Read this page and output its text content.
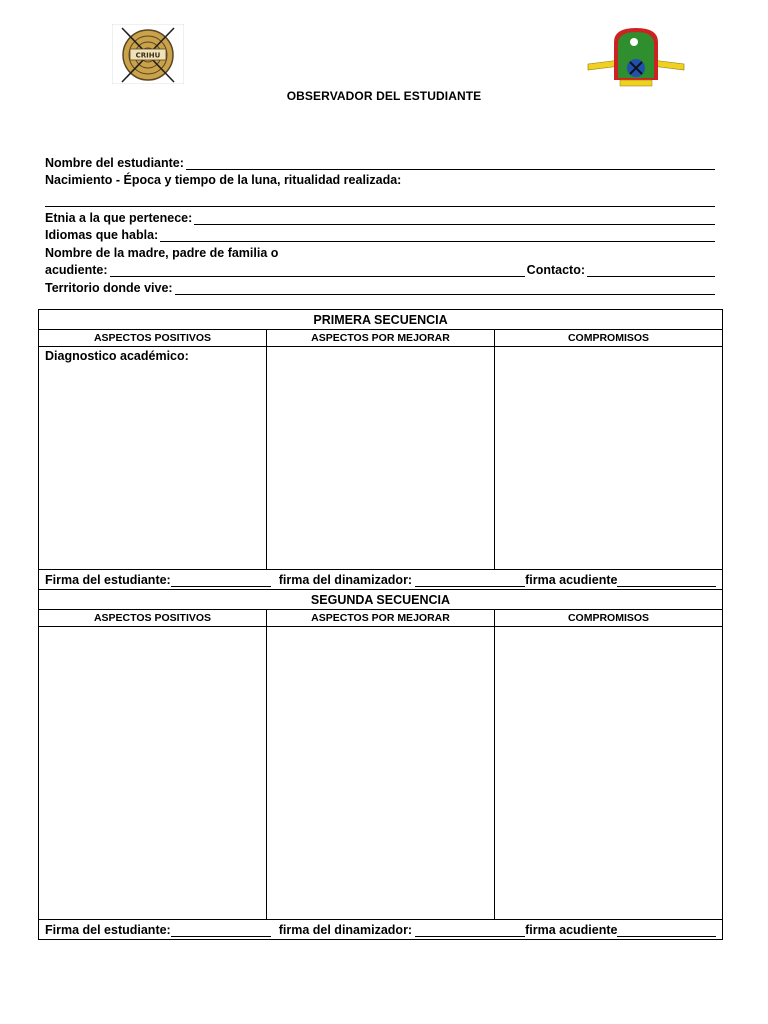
CRIHU
OBSERVADOR DEL ESTUDIANTE
Nombre del estudiante:
Nacimiento - Época y tiempo de la luna, ritualidad realizada:
Etnia a la que pertenece:
Idiomas que habla:
Nombre de la madre, padre de familia o
acudiente:	Contacto:
Territorio donde vive:
PRIMERA SECUENCIA		
ASPECTOS POSITIVOS	ASPECTOS POR MEJORAR	COMPROMISOS
Diagnostico académico:		

Firma del estudiante: firma del dinamizador: firma acudiente		

SEGUNDA SECUENCIA		
ASPECTOS POSITIVOS	ASPECTOS POR MEJORAR	COMPROMISOS

Firma del estudiante: firma del dinamizador: firma acudiente		
